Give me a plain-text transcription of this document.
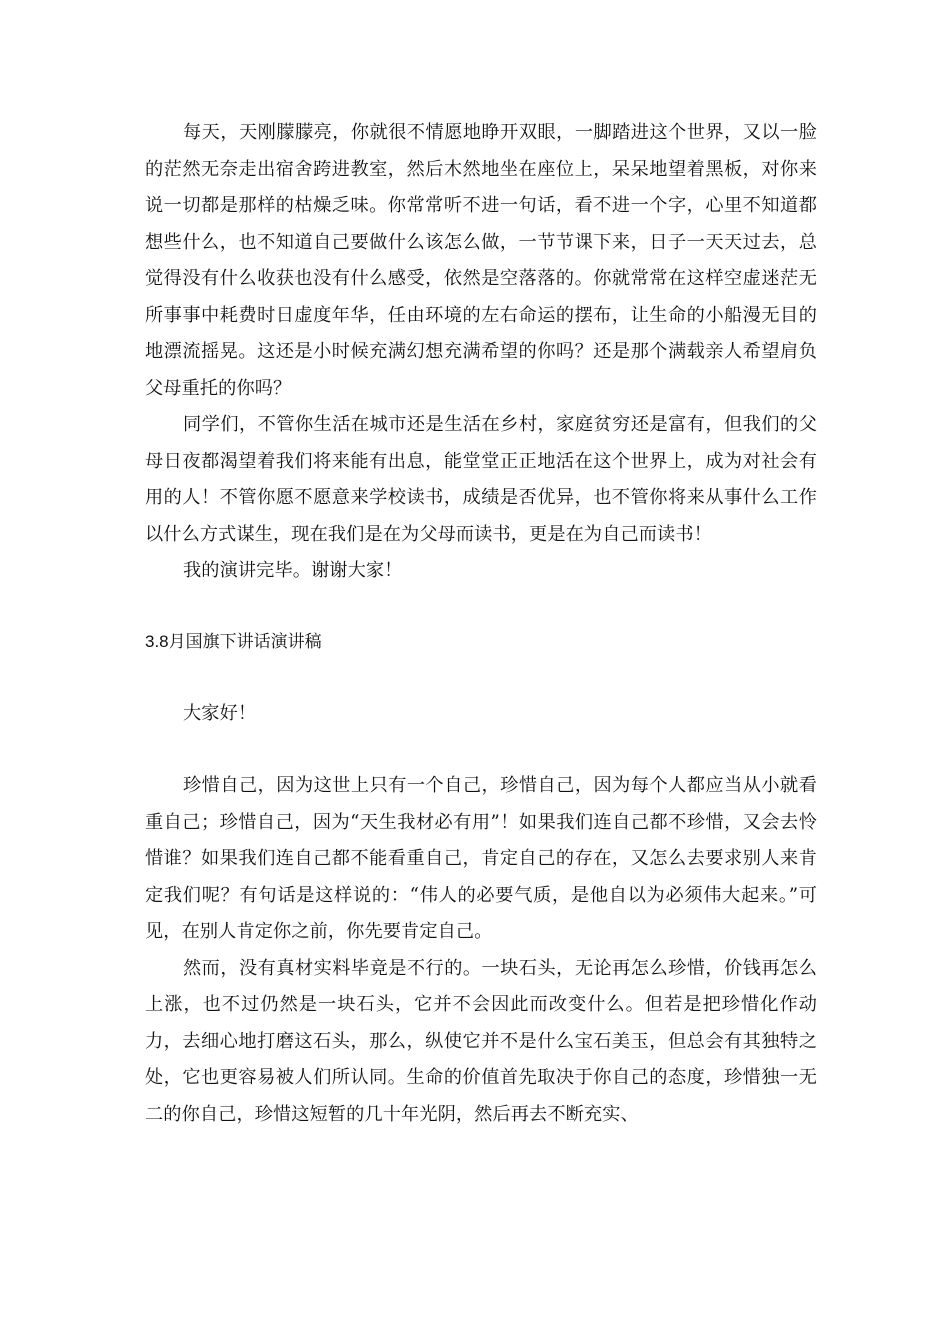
每天，天刚朦朦亮，你就很不情愿地睁开双眼，一脚踏进这个世界，又以一脸的茫然无奈走出宿舍跨进教室，然后木然地坐在座位上，呆呆地望着黑板，对你来说一切都是那样的枯燥乏味。你常常听不进一句话，看不进一个字，心里不知道都想些什么，也不知道自己要做什么该怎么做，一节节课下来，日子一天天过去，总觉得没有什么收获也没有什么感受，依然是空落落的。你就常常在这样空虚迷茫无所事事中耗费时日虚度年华，任由环境的左右命运的摆布，让生命的小船漫无目的地漂流摇晃。这还是小时候充满幻想充满希望的你吗？还是那个满载亲人希望肩负父母重托的你吗？

同学们，不管你生活在城市还是生活在乡村，家庭贫穷还是富有，但我们的父母日夜都渴望着我们将来能有出息，能堂堂正正地活在这个世界上，成为对社会有用的人！不管你愿不愿意来学校读书，成绩是否优异，也不管你将来从事什么工作以什么方式谋生，现在我们是在为父母而读书，更是在为自己而读书！

我的演讲完毕。谢谢大家！

3.8月国旗下讲话演讲稿

大家好！

珍惜自己，因为这世上只有一个自己，珍惜自己，因为每个人都应当从小就看重自己；珍惜自己，因为“天生我材必有用”！如果我们连自己都不珍惜，又会去怜惜谁？如果我们连自己都不能看重自己，肯定自己的存在，又怎么去要求别人来肯定我们呢？有句话是这样说的：“伟人的必要气质，是他自以为必须伟大起来。”可见，在别人肯定你之前，你先要肯定自己。

然而，没有真材实料毕竟是不行的。一块石头，无论再怎么珍惜，价钱再怎么上涨，也不过仍然是一块石头，它并不会因此而改变什么。但若是把珍惜化作动力，去细心地打磨这石头，那么，纵使它并不是什么宝石美玉，但总会有其独特之处，它也更容易被人们所认同。生命的价值首先取决于你自己的态度，珍惜独一无二的你自己，珍惜这短暂的几十年光阴，然后再去不断充实、
